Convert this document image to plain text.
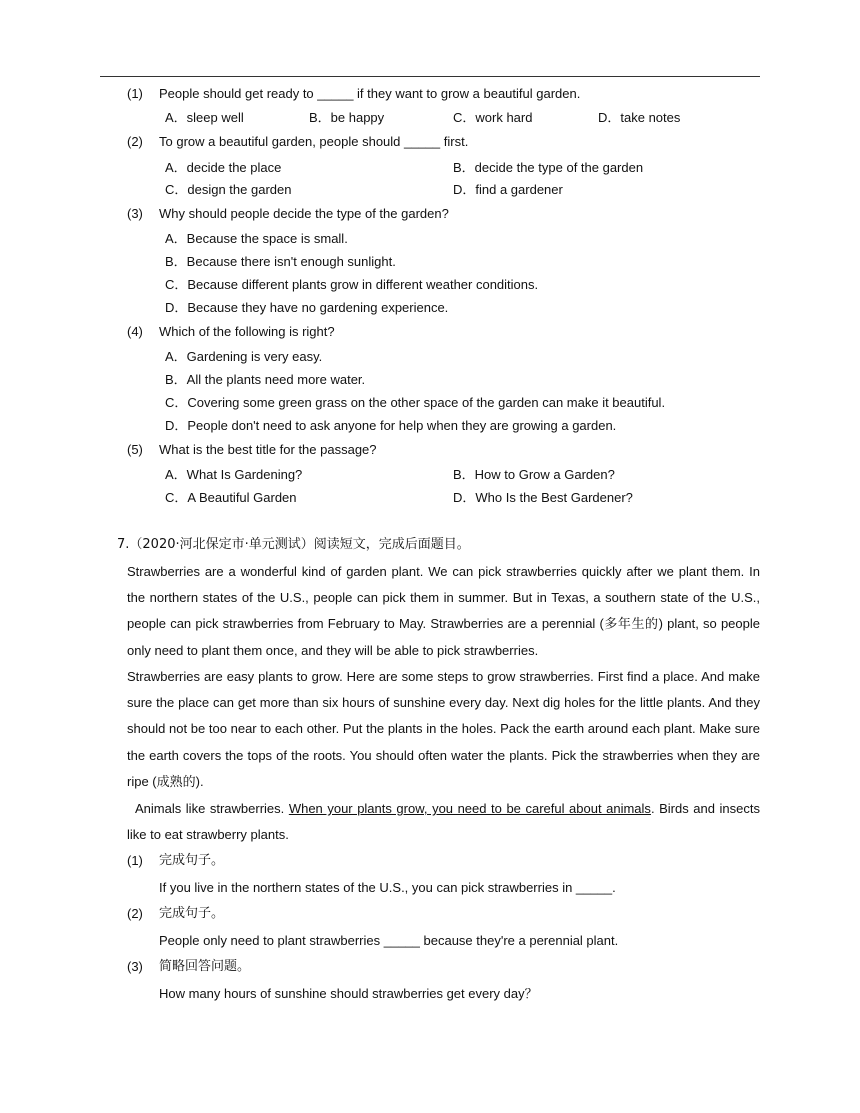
(1) People should get ready to _____ if they want to grow a beautiful garden.
A．sleep well	B．be happy	C．work hard	D．take notes
(2) To grow a beautiful garden, people should _____ first.
A．decide the place	B．decide the type of the garden
C．design the garden	D．find a gardener
(3) Why should people decide the type of the garden?
A．Because the space is small.
B．Because there isn't enough sunlight.
C．Because different plants grow in different weather conditions.
D．Because they have no gardening experience.
(4) Which of the following is right?
A．Gardening is very easy.
B．All the plants need more water.
C．Covering some green grass on the other space of the garden can make it beautiful.
D．People don't need to ask anyone for help when they are growing a garden.
(5) What is the best title for the passage?
A．What Is Gardening?	B．How to Grow a Garden?
C．A Beautiful Garden	D．Who Is the Best Gardener?
7.（2020·河北保定市·单元测试）阅读短文，完成后面题目。

Strawberries are a wonderful kind of garden plant. We can pick strawberries quickly after we plant them. In the northern states of the U.S., people can pick them in summer. But in Texas, a southern state of the U.S., people can pick strawberries from February to May. Strawberries are a perennial (多年生的) plant, so people only need to plant them once, and they will be able to pick strawberries.

Strawberries are easy plants to grow. Here are some steps to grow strawberries. First find a place. And make sure the place can get more than six hours of sunshine every day. Next dig holes for the little plants. And they should not be too near to each other. Put the plants in the holes. Pack the earth around each plant. Make sure the earth covers the tops of the roots. You should often water the plants. Pick the strawberries when they are ripe (成熟的).

Animals like strawberries. When your plants grow, you need to be careful about animals. Birds and insects like to eat strawberry plants.

(1) 完成句子。
If you live in the northern states of the U.S., you can pick strawberries in _____.
(2) 完成句子。
People only need to plant strawberries _____ because they're a perennial plant.
(3) 简略回答问题。
How many hours of sunshine should strawberries get every day？
